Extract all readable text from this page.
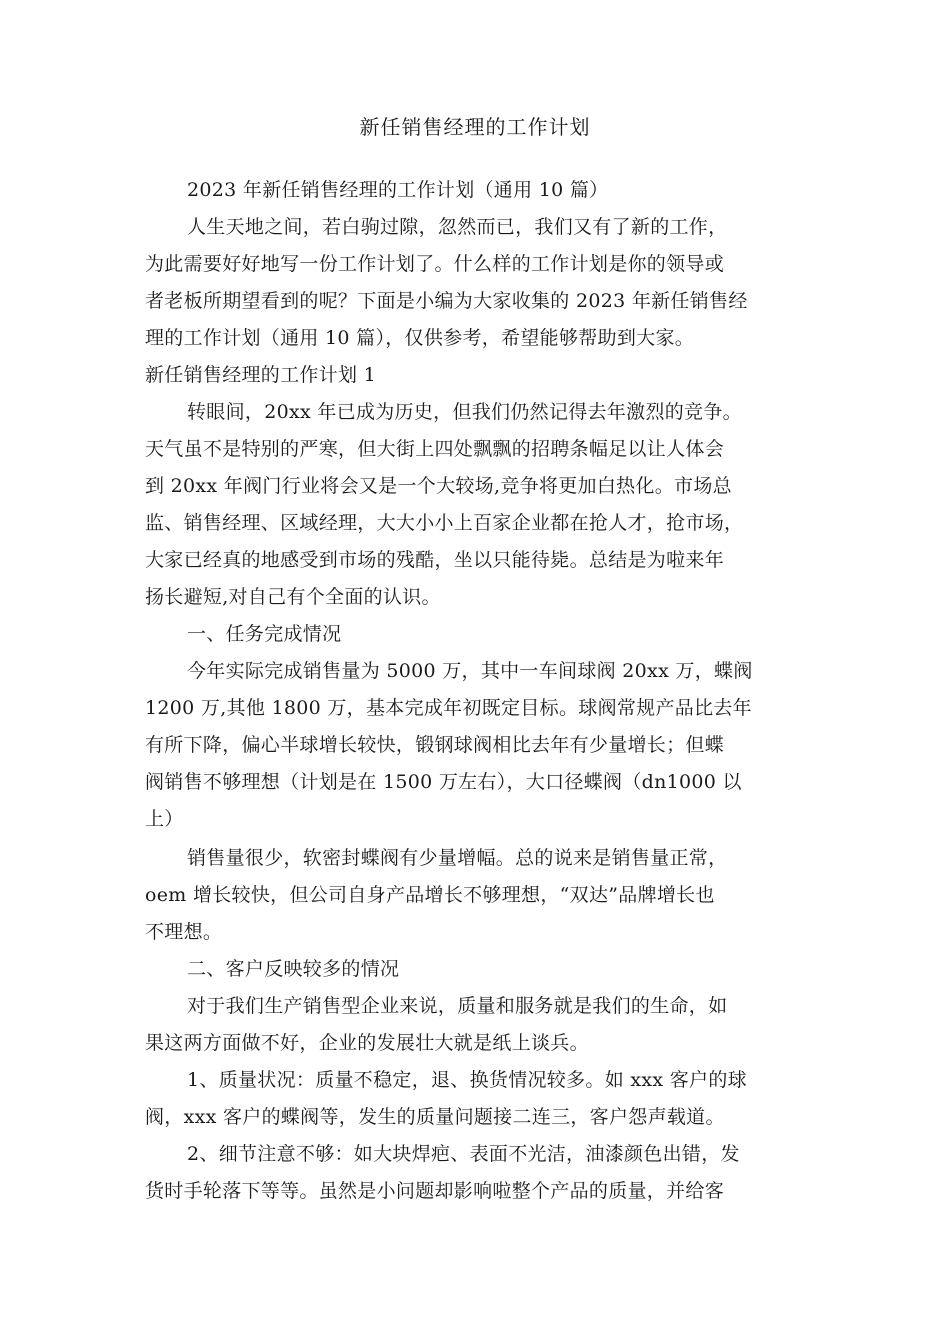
新任销售经理的工作计划
2023 年新任销售经理的工作计划（通用 10 篇）
人生天地之间，若白驹过隙，忽然而已，我们又有了新的工作，
为此需要好好地写一份工作计划了。什么样的工作计划是你的领导或
者老板所期望看到的呢？下面是小编为大家收集的 2023 年新任销售经
理的工作计划（通用 10 篇），仅供参考，希望能够帮助到大家。
新任销售经理的工作计划 1
转眼间，20xx 年已成为历史，但我们仍然记得去年激烈的竞争。
天气虽不是特别的严寒，但大街上四处飘飘的招聘条幅足以让人体会
到 20xx 年阀门行业将会又是一个大较场,竞争将更加白热化。市场总
监、销售经理、区域经理，大大小小上百家企业都在抢人才，抢市场，
大家已经真的地感受到市场的残酷，坐以只能待毙。总结是为啦来年
扬长避短,对自己有个全面的认识。
一、任务完成情况
今年实际完成销售量为 5000 万，其中一车间球阀 20xx 万，蝶阀
1200 万,其他 1800 万，基本完成年初既定目标。球阀常规产品比去年
有所下降，偏心半球增长较快，锻钢球阀相比去年有少量增长；但蝶
阀销售不够理想（计划是在 1500 万左右），大口径蝶阀（dn1000 以
上）
销售量很少，软密封蝶阀有少量增幅。总的说来是销售量正常，
oem 增长较快，但公司自身产品增长不够理想，“双达”品牌增长也
不理想。
二、客户反映较多的情况
对于我们生产销售型企业来说，质量和服务就是我们的生命，如
果这两方面做不好，企业的发展壮大就是纸上谈兵。
1、质量状况：质量不稳定，退、换货情况较多。如 xxx 客户的球
阀，xxx 客户的蝶阀等，发生的质量问题接二连三，客户怨声载道。
2、细节注意不够：如大块焊疤、表面不光洁，油漆颜色出错，发
货时手轮落下等等。虽然是小问题却影响啦整个产品的质量，并给客
